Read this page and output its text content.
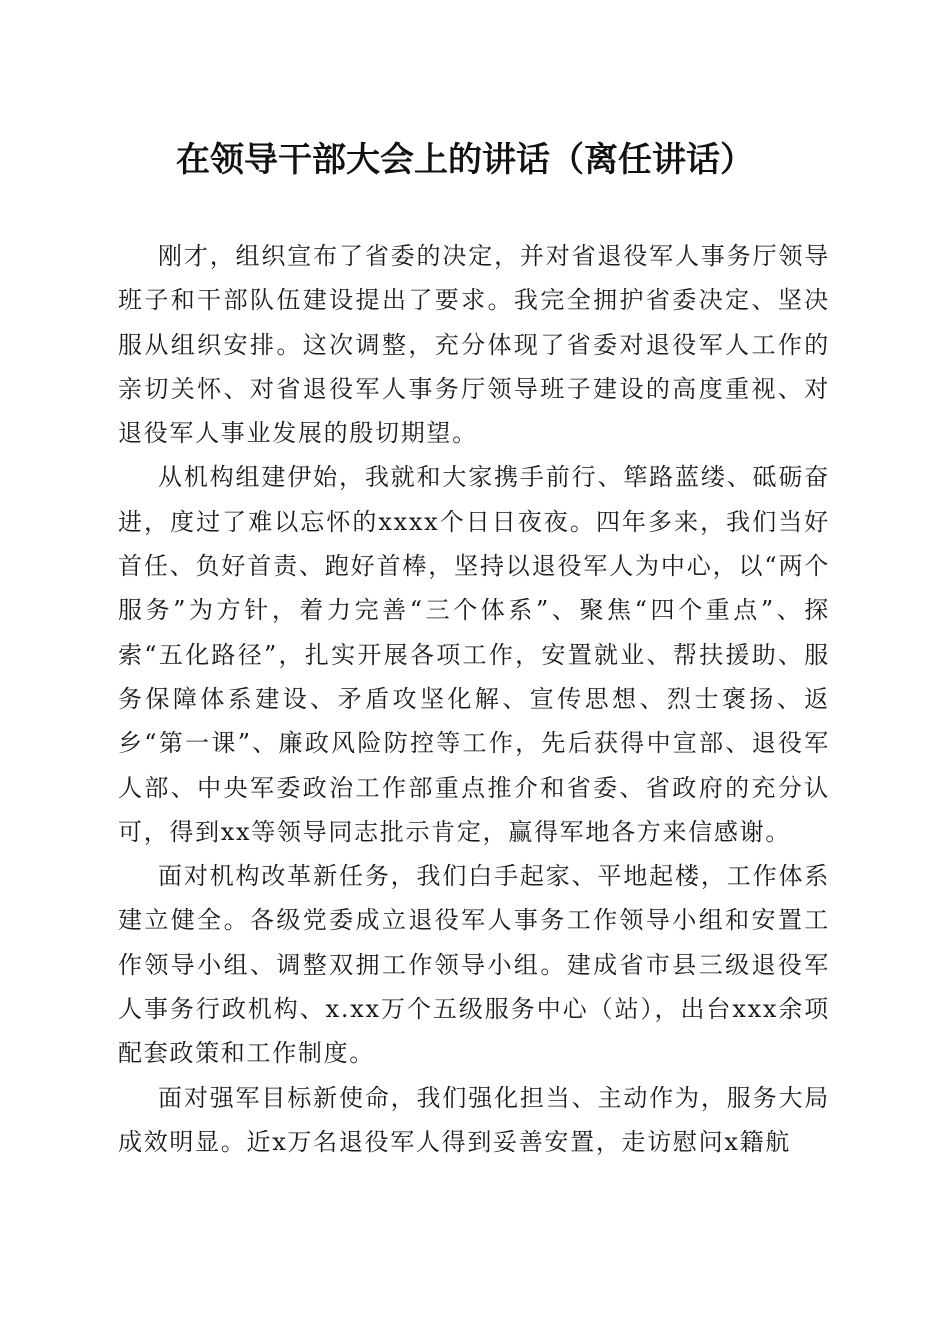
在领导干部大会上的讲话（离任讲话）

刚才，组织宣布了省委的决定，并对省退役军人事务厅领导班子和干部队伍建设提出了要求。我完全拥护省委决定、坚决服从组织安排。这次调整，充分体现了省委对退役军人工作的亲切关怀、对省退役军人事务厅领导班子建设的高度重视、对退役军人事业发展的殷切期望。

从机构组建伊始，我就和大家携手前行、筚路蓝缕、砥砺奋进，度过了难以忘怀的xxxx个日日夜夜。四年多来，我们当好首任、负好首责、跑好首棒，坚持以退役军人为中心，以“两个服务”为方针，着力完善“三个体系”、聚焦“四个重点”、探索“五化路径”，扎实开展各项工作，安置就业、帮扶援助、服务保障体系建设、矛盾攻坚化解、宣传思想、烈士褒扬、返乡“第一课”、廉政风险防控等工作，先后获得中宣部、退役军人部、中央军委政治工作部重点推介和省委、省政府的充分认可，得到xx等领导同志批示肯定，赢得军地各方来信感谢。

面对机构改革新任务，我们白手起家、平地起楼，工作体系建立健全。各级党委成立退役军人事务工作领导小组和安置工作领导小组、调整双拥工作领导小组。建成省市县三级退役军人事务行政机构、x.xx万个五级服务中心（站），出台xxx余项配套政策和工作制度。

面对强军目标新使命，我们强化担当、主动作为，服务大局成效明显。近x万名退役军人得到妥善安置，走访慰问x籍航
